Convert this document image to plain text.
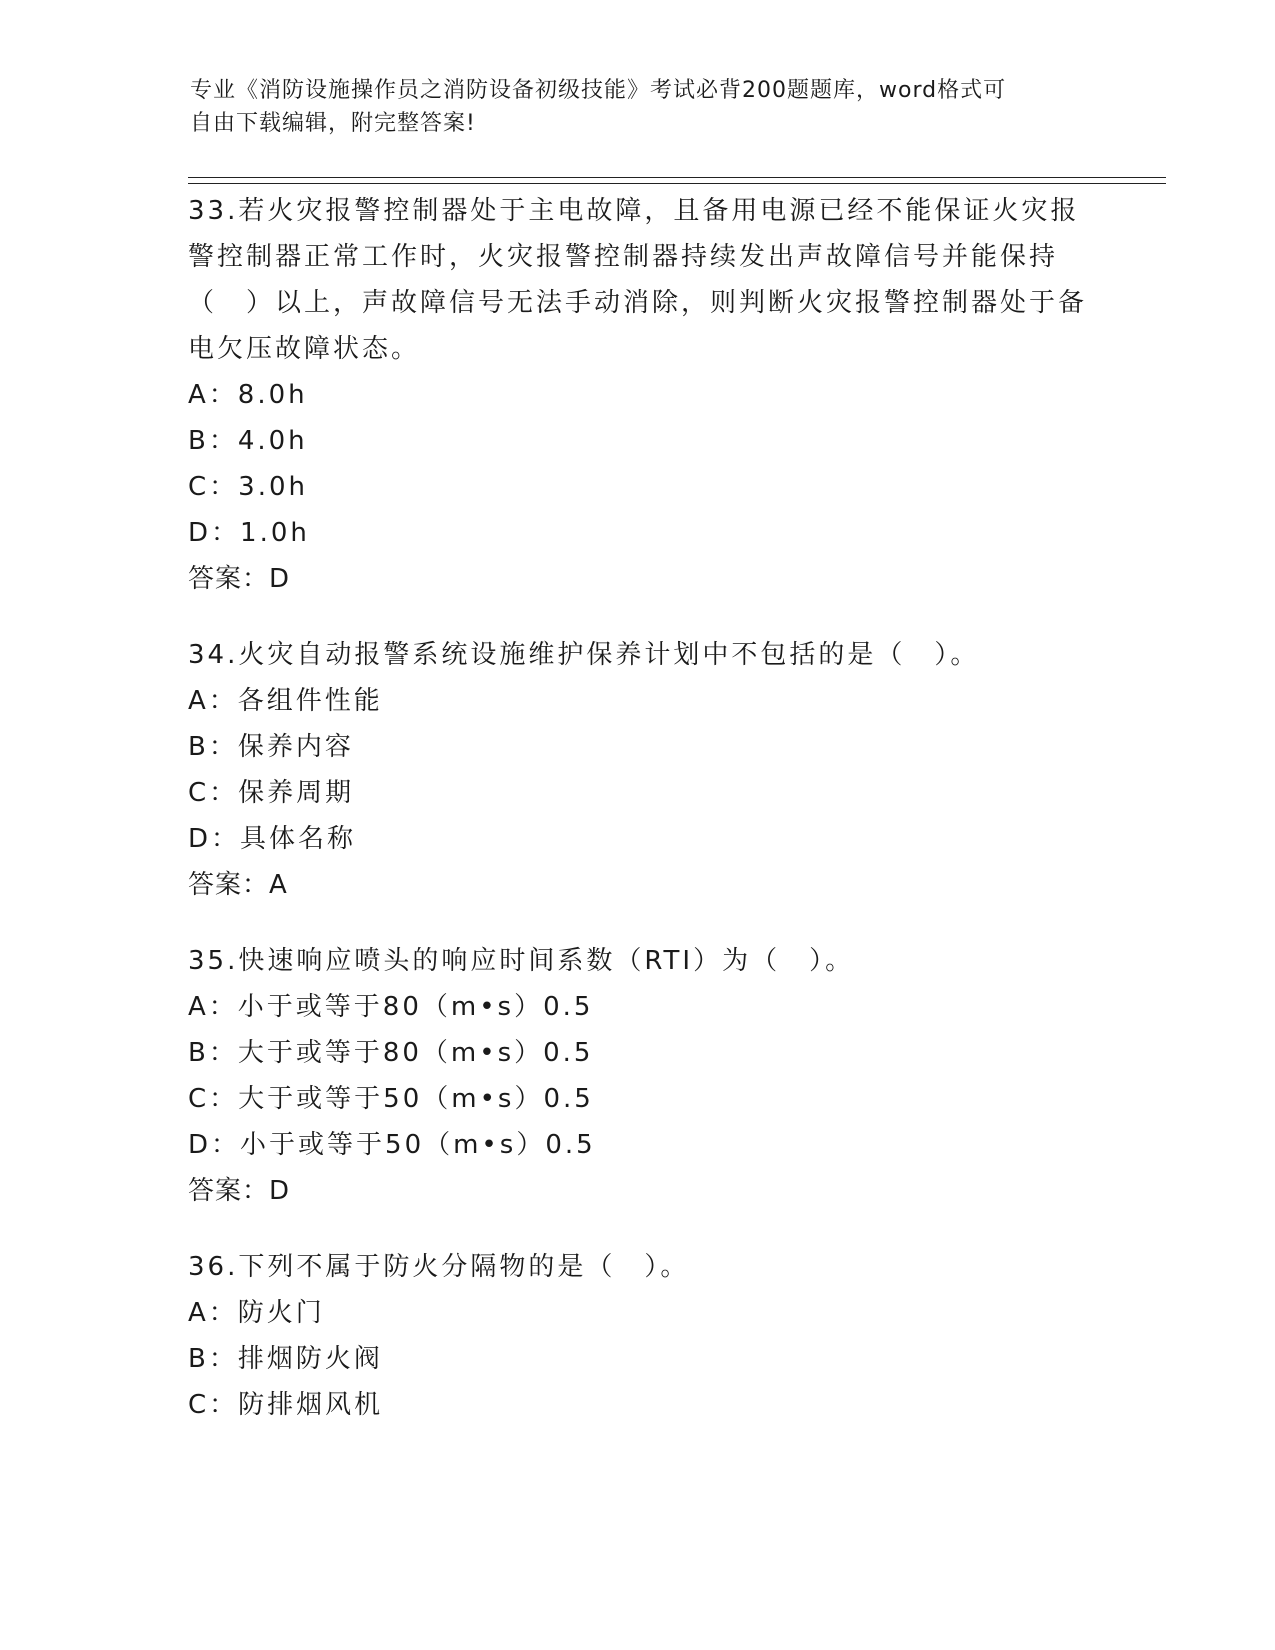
专业《消防设施操作员之消防设备初级技能》考试必背200题题库，word格式可
自由下载编辑，附完整答案!

33.若火灾报警控制器处于主电故障，且备用电源已经不能保证火灾报警控制器正常工作时，火灾报警控制器持续发出声故障信号并能保持（　）以上，声故障信号无法手动消除，则判断火灾报警控制器处于备电欠压故障状态。

A：8.0h

B：4.0h

C：3.0h

D：1.0h

答案：D

34.火灾自动报警系统设施维护保养计划中不包括的是（　）。

A：各组件性能

B：保养内容

C：保养周期

D：具体名称

答案：A

35.快速响应喷头的响应时间系数（RTI）为（　）。

A：小于或等于80（m•s）0.5

B：大于或等于80（m•s）0.5

C：大于或等于50（m•s）0.5

D：小于或等于50（m•s）0.5

答案：D

36.下列不属于防火分隔物的是（　）。

A：防火门

B：排烟防火阀

C：防排烟风机
